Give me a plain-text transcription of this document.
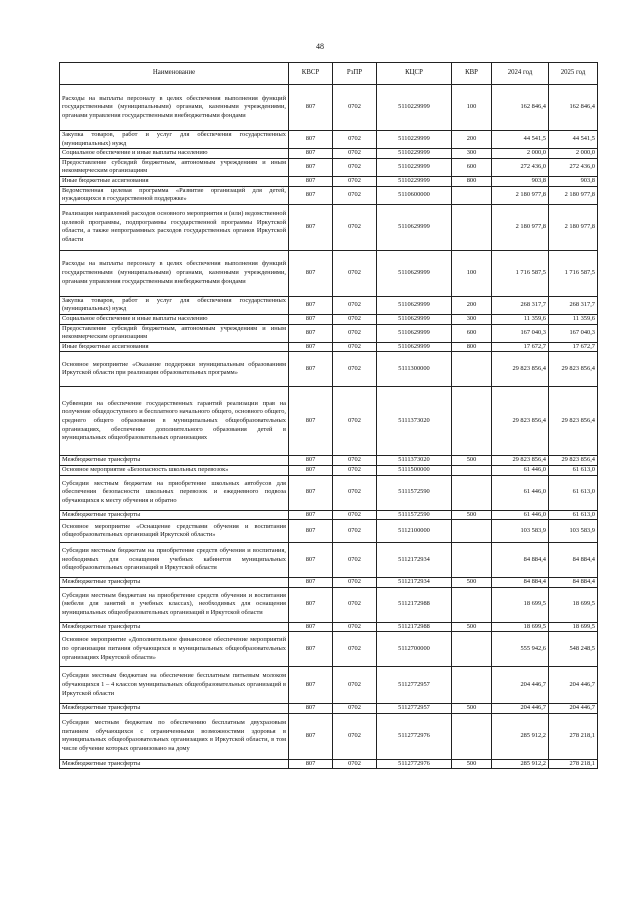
48
Наименование	КВСР	РзПР	КЦСР	КВР	2024 год	2025 год
Расходы на выплаты персоналу в целях обеспечения выполнения функций государственными (муниципальными) органами, казенными учреждениями, органами управления государственными внебюджетными фондами	807	0702	5110229999	100	162 846,4	162 846,4
Закупка товаров, работ и услуг для обеспечения государственных (муниципальных) нужд	807	0702	5110229999	200	44 541,5	44 541,5
Социальное обеспечение и иные выплаты населению	807	0702	5110229999	300	2 000,0	2 000,0
Предоставление субсидий бюджетным, автономным учреждениям и иным некоммерческим организациям	807	0702	5110229999	600	272 436,0	272 436,0
Иные бюджетные ассигнования	807	0702	5110229999	800	903,8	903,8
Ведомственная целевая программа «Развитие организаций для детей, нуждающихся в государственной поддержке»	807	0702	5110600000		2 180 977,8	2 180 977,8
Реализация направлений расходов основного мероприятия и (или) ведомственной целевой программы, подпрограммы государственной программы Иркутской области, а также непрограммных расходов государственных органов Иркутской области	807	0702	5110629999		2 180 977,8	2 180 977,8
Расходы на выплаты персоналу в целях обеспечения выполнения функций государственными (муниципальными) органами, казенными учреждениями, органами управления государственными внебюджетными фондами	807	0702	5110629999	100	1 716 587,5	1 716 587,5
Закупка товаров, работ и услуг для обеспечения государственных (муниципальных) нужд	807	0702	5110629999	200	268 317,7	268 317,7
Социальное обеспечение и иные выплаты населению	807	0702	5110629999	300	11 359,6	11 359,6
Предоставление субсидий бюджетным, автономным учреждениям и иным некоммерческим организациям	807	0702	5110629999	600	167 040,3	167 040,3
Иные бюджетные ассигнования	807	0702	5110629999	800	17 672,7	17 672,7
Основное мероприятие «Оказание поддержки муниципальным образованиям Иркутской области при реализации образовательных программ»	807	0702	5111300000		29 823 856,4	29 823 856,4
Субвенции на обеспечение государственных гарантий реализации прав на получение общедоступного и бесплатного начального общего, основного общего, среднего общего образования в муниципальных общеобразовательных организациях, обеспечение дополнительного образования детей в муниципальных общеобразовательных организациях	807	0702	5111373020		29 823 856,4	29 823 856,4
Межбюджетные трансферты	807	0702	5111373020	500	29 823 856,4	29 823 856,4
Основное мероприятие «Безопасность школьных перевозок»	807	0702	5111500000		61 446,0	61 613,0
Субсидии местным бюджетам на приобретение школьных автобусов для обеспечения безопасности школьных перевозок и ежедневного подвоза обучающихся к месту обучения и обратно	807	0702	5111572590		61 446,0	61 613,0
Межбюджетные трансферты	807	0702	5111572590	500	61 446,0	61 613,0
Основное мероприятие «Оснащение средствами обучения и воспитания общеобразовательных организаций Иркутской области»	807	0702	5112100000		103 583,9	103 583,9
Субсидии местным бюджетам на приобретение средств обучения и воспитания, необходимых для оснащения учебных кабинетов муниципальных общеобразовательных организаций в Иркутской области	807	0702	5112172934		84 884,4	84 884,4
Межбюджетные трансферты	807	0702	5112172934	500	84 884,4	84 884,4
Субсидии местным бюджетам на приобретение средств обучения и воспитания (мебели для занятий в учебных классах), необходимых для оснащения муниципальных общеобразовательных организаций в Иркутской области	807	0702	5112172988		18 699,5	18 699,5
Межбюджетные трансферты	807	0702	5112172988	500	18 699,5	18 699,5
Основное мероприятие «Дополнительное финансовое обеспечение мероприятий по организации питания обучающихся в муниципальных общеобразовательных организациях Иркутской области»	807	0702	5112700000		555 942,6	548 248,5
Субсидии местным бюджетам на обеспечение бесплатным питьевым молоком обучающихся 1 – 4 классов муниципальных общеобразовательных организаций в Иркутской области	807	0702	5112772957		204 446,7	204 446,7
Межбюджетные трансферты	807	0702	5112772957	500	204 446,7	204 446,7
Субсидии местным бюджетам по обеспечению бесплатным двухразовым питанием обучающихся с ограниченными возможностями здоровья в муниципальных общеобразовательных организациях в Иркутской области, в том числе обучение которых организовано на дому	807	0702	5112772976		285 912,2	278 218,1
Межбюджетные трансферты	807	0702	5112772976	500	285 912,2	278 218,1
